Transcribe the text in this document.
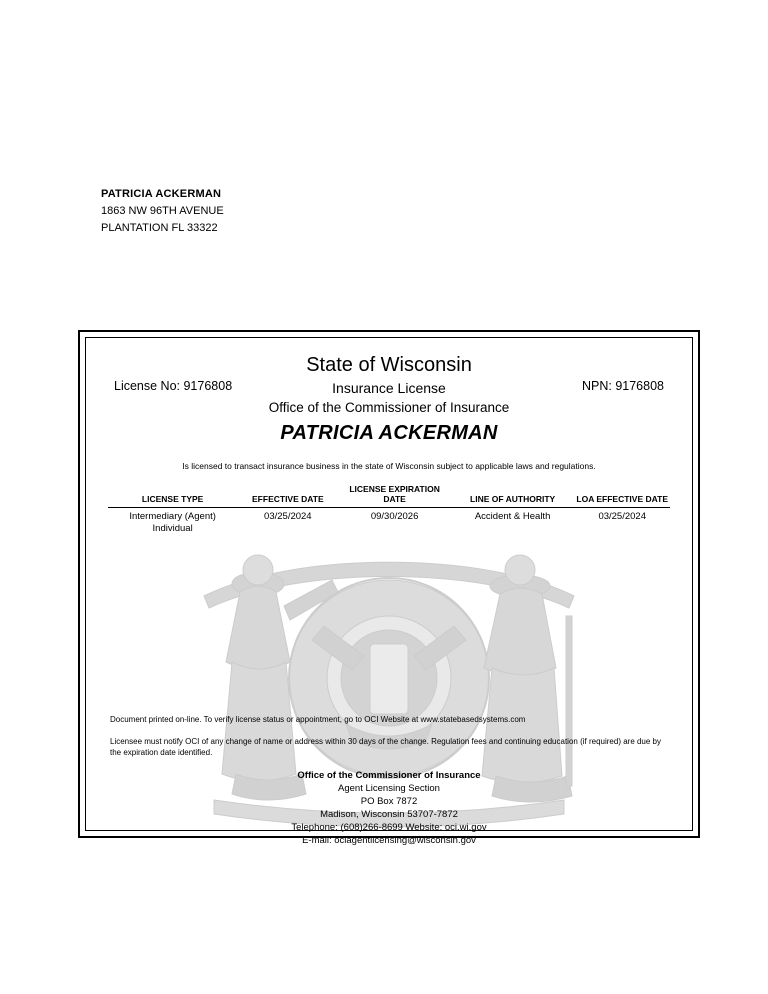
PATRICIA ACKERMAN
1863 NW 96TH AVENUE
PLANTATION FL 33322
License No: 9176808	NPN: 9176808
State of Wisconsin
Insurance License
Office of the Commissioner of Insurance
PATRICIA ACKERMAN
Is licensed to transact insurance business in the state of Wisconsin subject to applicable laws and regulations.
LICENSE TYPE	EFFECTIVE DATE	LICENSE EXPIRATION DATE	LINE OF AUTHORITY	LOA EFFECTIVE DATE
Intermediary (Agent) Individual	03/25/2024	09/30/2026	Accident & Health	03/25/2024

Document printed on-line. To verify license status or appointment, go to OCI Website at www.statebasedsystems.com

Licensee must notify OCI of any change of name or address within 30 days of the change. Regulation fees and continuing education (if required) are due by the expiration date identified.

Office of the Commissioner of Insurance
Agent Licensing Section
PO Box 7872
Madison, Wisconsin 53707-7872
Telephone: (608)266-8699 Website: oci.wi.gov
E-mail: ociagentlicensing@wisconsin.gov
